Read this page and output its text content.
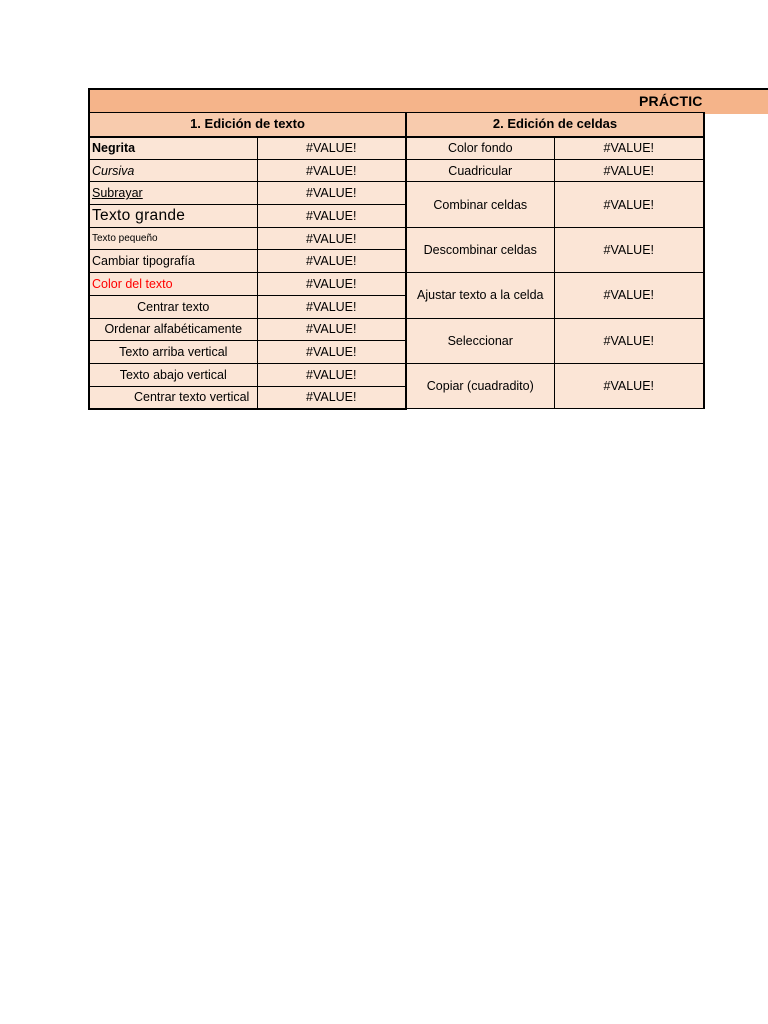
PRÁCTIC
1. Edición de texto		2. Edición de celdas	
Negrita	#VALUE!	Color fondo	#VALUE!
Cursiva	#VALUE!	Cuadricular	#VALUE!
Subrayar	#VALUE!	Combinar celdas	#VALUE!
Texto grande	#VALUE!		
Texto pequeño	#VALUE!	Descombinar celdas	#VALUE!
Cambiar tipografía	#VALUE!		
Color del texto	#VALUE!	Ajustar texto a la celda	#VALUE!
Centrar texto	#VALUE!		
Ordenar alfabéticamente	#VALUE!	Seleccionar	#VALUE!
Texto arriba vertical	#VALUE!		
Texto abajo vertical	#VALUE!	Copiar (cuadradito)	#VALUE!
Centrar texto vertical	#VALUE!		
